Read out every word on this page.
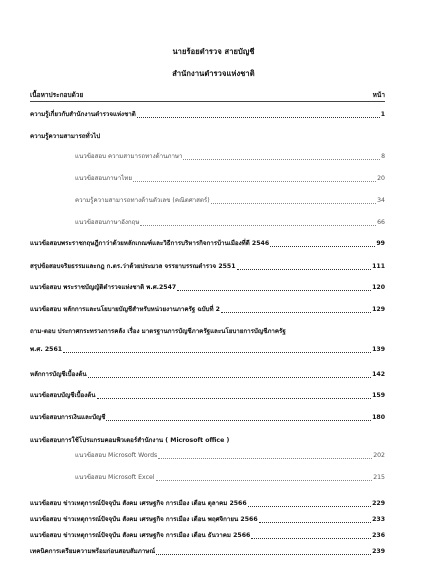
นายร้อยตำรวจ สายบัญชี
สำนักงานตำรวจแห่งชาติ
เนื้อหาประกอบด้วย	หน้า
ความรู้เกี่ยวกับสำนักงานตำรวจแห่งชาติ	1
ความรู้ความสามารถทั่วไป
แนวข้อสอบ ความสามารถทางด้านภาษา	8
แนวข้อสอบภาษาไทย	20
ความรู้ความสามารถทางด้านตัวเลข (คณิตศาสตร์)	34
แนวข้อสอบภาษาอังกฤษ	66
แนวข้อสอบพระราชกฤษฎีกาว่าด้วยหลักเกณฑ์และวิธีการบริหารกิจการบ้านเมืองที่ดี 2546	99
สรุปข้อสอบจริยธรรมและกฎ ก.ตร.ว่าด้วยประมวล จรรยาบรรณตำรวจ 2551	111
แนวข้อสอบ พระราชบัญญัติตำรวจแห่งชาติ พ.ศ.2547	120
แนวข้อสอบ หลักการและนโยบายบัญชีสำหรับหน่วยงานภาครัฐ ฉบับที่ 2	129
ถาม-ตอบ ประกาศกระทรวงการคลัง เรื่อง มาตรฐานการบัญชีภาครัฐและนโยบายการบัญชีภาครัฐ
พ.ศ. 2561	139
หลักการบัญชีเบื้องต้น	142
แนวข้อสอบบัญชีเบื้องต้น	159
แนวข้อสอบการเงินและบัญชี	180
แนวข้อสอบการใช้โปรแกรมคอมพิวเตอร์สำนักงาน ( Microsoft office )
แนวข้อสอบ Microsoft Words	202
แนวข้อสอบ Microsoft Excel	215
แนวข้อสอบ ข่าวเหตุการณ์ปัจจุบัน สังคม เศรษฐกิจ การเมือง เดือน ตุลาคม 2566	229
แนวข้อสอบ ข่าวเหตุการณ์ปัจจุบัน สังคม เศรษฐกิจ การเมือง เดือน พฤศจิกายน 2566	233
แนวข้อสอบ ข่าวเหตุการณ์ปัจจุบัน สังคม เศรษฐกิจ การเมือง เดือน ธันวาคม 2566	236
เทคนิคการเตรียมความพร้อมก่อนสอบสัมภาษณ์	239
